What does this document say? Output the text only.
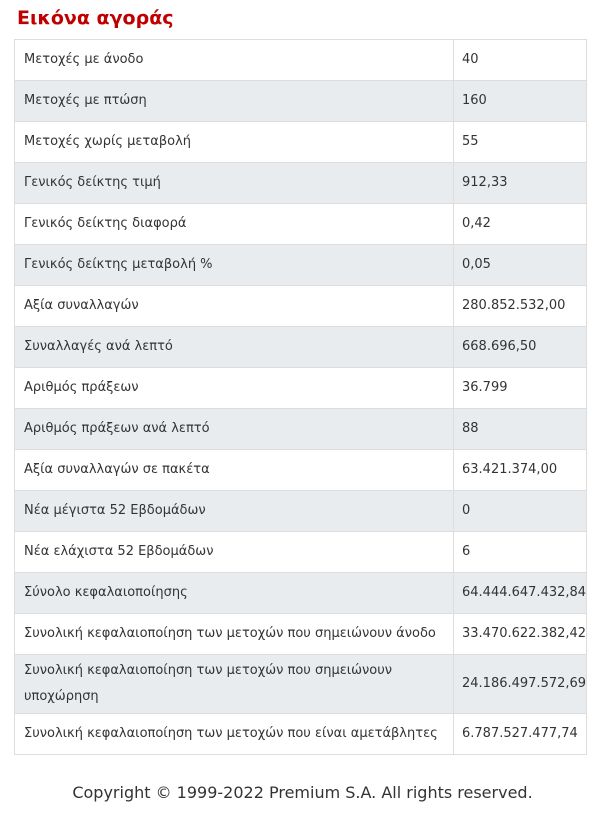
Εικόνα αγοράς
Μετοχές με άνοδο	40
Μετοχές με πτώση	160
Μετοχές χωρίς μεταβολή	55
Γενικός δείκτης τιμή	912,33
Γενικός δείκτης διαφορά	0,42
Γενικός δείκτης μεταβολή %	0,05
Αξία συναλλαγών	280.852.532,00
Συναλλαγές ανά λεπτό	668.696,50
Αριθμός πράξεων	36.799
Αριθμός πράξεων ανά λεπτό	88
Αξία συναλλαγών σε πακέτα	63.421.374,00
Νέα μέγιστα 52 Εβδομάδων	0
Νέα ελάχιστα 52 Εβδομάδων	6
Σύνολο κεφαλαιοποίησης	64.444.647.432,84
Συνολική κεφαλαιοποίηση των μετοχών που σημειώνουν άνοδο	33.470.622.382,42
Συνολική κεφαλαιοποίηση των μετοχών που σημειώνουν υποχώρηση	24.186.497.572,69
Συνολική κεφαλαιοποίηση των μετοχών που είναι αμετάβλητες	6.787.527.477,74
Copyright © 1999-2022 Premium S.A. All rights reserved.
